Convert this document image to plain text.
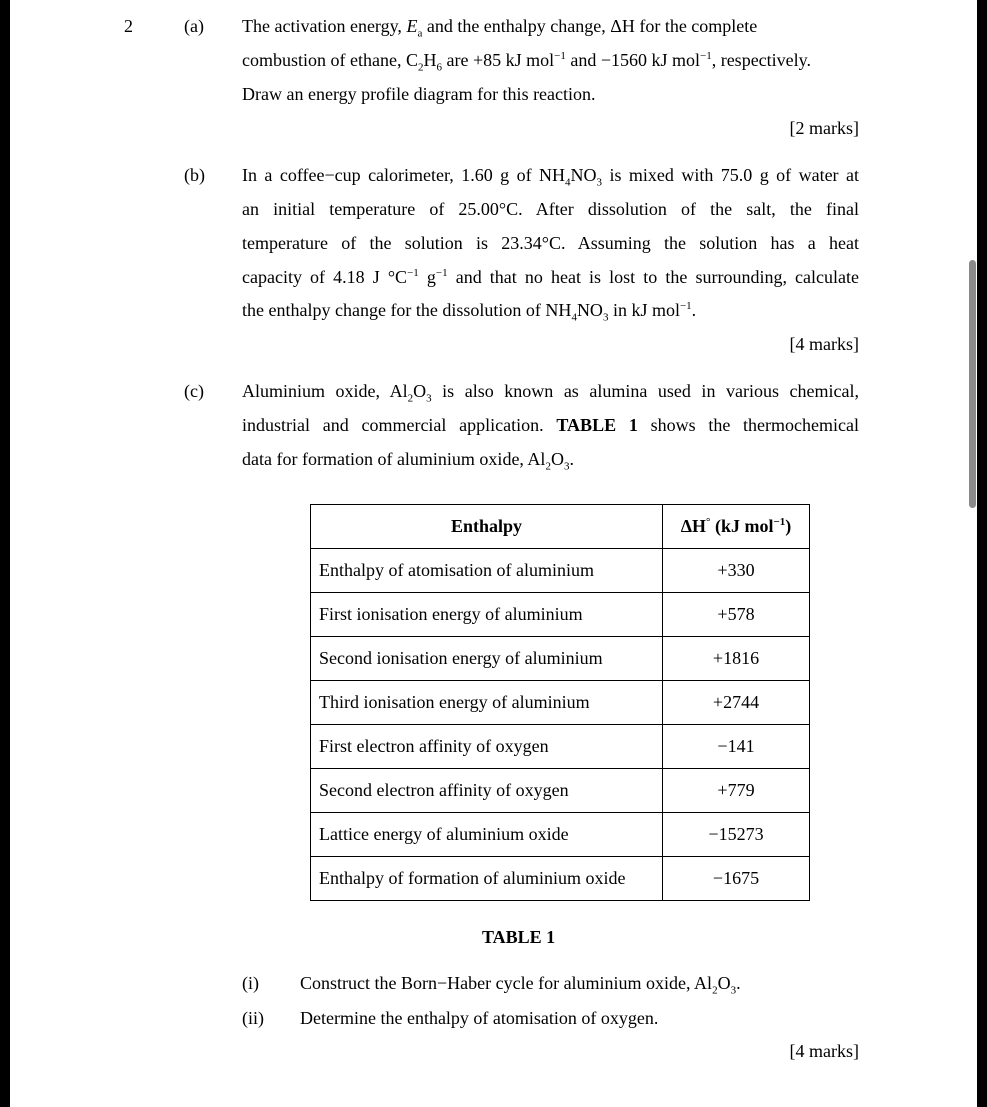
2	(a) The activation energy, $E_a$ and the enthalpy change, ΔH for the complete
combustion of ethane, $C_2H_6$ are +85 kJ mol$^{-1}$ and −1560 kJ mol$^{-1}$, respectively.
Draw an energy profile diagram for this reaction.
[2 marks]
(b) In a coffee−cup calorimeter, 1.60 g of $NH_4NO_3$ is mixed with 75.0 g of water at
an initial temperature of 25.00°C. After dissolution of the salt, the final
temperature of the solution is 23.34°C. Assuming the solution has a heat
capacity of 4.18 J $^\circ C^{-1}$ $g^{-1}$ and that no heat is lost to the surrounding, calculate
the enthalpy change for the dissolution of $NH_4NO_3$ in kJ mol$^{-1}$.
[4 marks]
(c) Aluminium oxide, $Al_2O_3$ is also known as alumina used in various chemical,
industrial and commercial application. TABLE 1 shows the thermochemical
data for formation of aluminium oxide, $Al_2O_3$.
Enthalpy	ΔH° (kJ mol$^{-1}$)
Enthalpy of atomisation of aluminium	+330
First ionisation energy of aluminium	+578
Second ionisation energy of aluminium	+1816
Third ionisation energy of aluminium	+2744
First electron affinity of oxygen	−141
Second electron affinity of oxygen	+779
Lattice energy of aluminium oxide	−15273
Enthalpy of formation of aluminium oxide	−1675
TABLE 1
(i) Construct the Born−Haber cycle for aluminium oxide, $Al_2O_3$.
(ii) Determine the enthalpy of atomisation of oxygen.
[4 marks]
